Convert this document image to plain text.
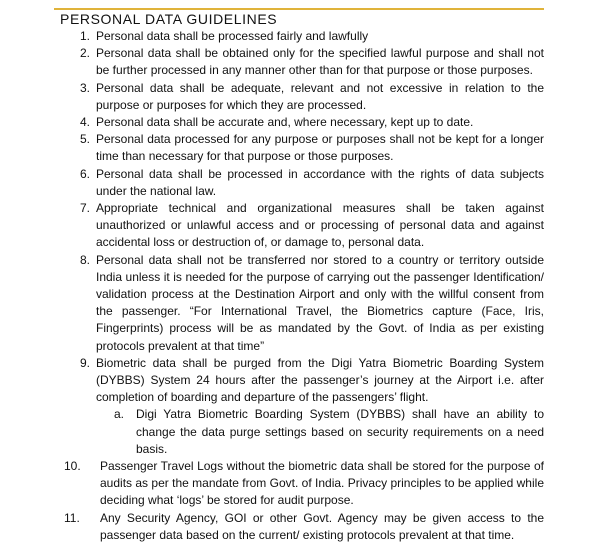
PERSONAL DATA GUIDELINES
1. Personal data shall be processed fairly and lawfully
2. Personal data shall be obtained only for the specified lawful purpose and shall not be further processed in any manner other than for that purpose or those purposes.
3. Personal data shall be adequate, relevant and not excessive in relation to the purpose or purposes for which they are processed.
4. Personal data shall be accurate and, where necessary, kept up to date.
5. Personal data processed for any purpose or purposes shall not be kept for a longer time than necessary for that purpose or those purposes.
6. Personal data shall be processed in accordance with the rights of data subjects under the national law.
7. Appropriate technical and organizational measures shall be taken against unauthorized or unlawful access and or processing of personal data and against accidental loss or destruction of, or damage to, personal data.
8. Personal data shall not be transferred nor stored to a country or territory outside India unless it is needed for the purpose of carrying out the passenger Identification/ validation process at the Destination Airport and only with the willful consent from the passenger. “For International Travel, the Biometrics capture (Face, Iris, Fingerprints) process will be as mandated by the Govt. of India as per existing protocols prevalent at that time”
9. Biometric data shall be purged from the Digi Yatra Biometric Boarding System (DYBBS) System 24 hours after the passenger’s journey at the Airport i.e. after completion of boarding and departure of the passengers’ flight.
a. Digi Yatra Biometric Boarding System (DYBBS) shall have an ability to change the data purge settings based on security requirements on a need basis.
10.	Passenger Travel Logs without the biometric data shall be stored for the purpose of audits as per the mandate from Govt. of India. Privacy principles to be applied while deciding what ‘logs’ be stored for audit purpose.
11.	Any Security Agency, GOI or other Govt. Agency may be given access to the passenger data based on the current/ existing protocols prevalent at that time.
